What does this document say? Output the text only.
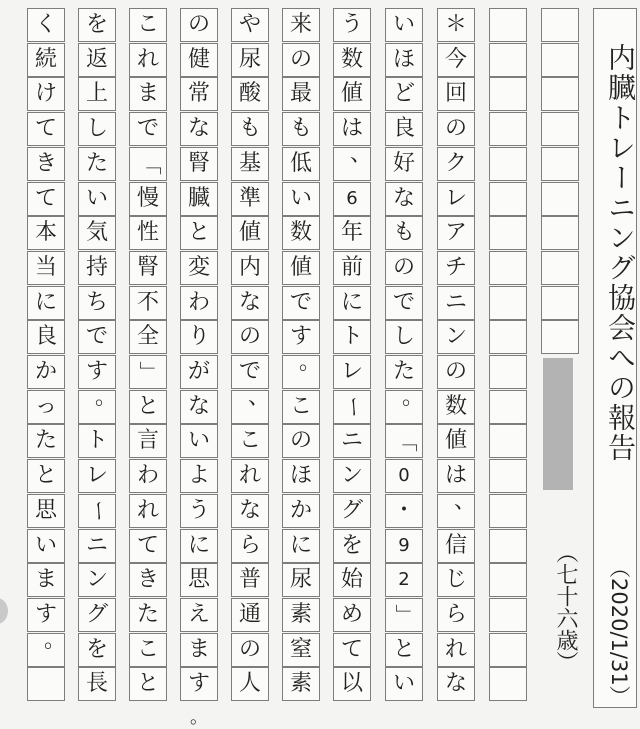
＊
今
回
の
ク
レ
ア
チ
ニ
ン
の
数
値
は
、
信
じ
ら
れ
な
い
ほ
ど
良
好
な
も
の
で
し
た
。
「
0
・
9
2
」
と
い
う
数
値
は
、
6
年
前
に
ト
レ
ー
ニ
ン
グ
を
始
め
て
以
来
の
最
も
低
い
数
値
で
す
。
こ
の
ほ
か
に
尿
素
窒
素
や
尿
酸
も
基
準
値
内
な
の
で
、
こ
れ
な
ら
普
通
の
人
の
健
常
な
腎
臓
と
変
わ
り
が
な
い
よ
う
に
思
え
ま
す
こ
れ
ま
で
「
慢
性
腎
不
全
」
と
言
わ
れ
て
き
た
こ
と
を
返
上
し
た
い
気
持
ち
で
す
。
ト
レ
ー
ニ
ン
グ
を
長
く
続
け
て
き
て
本
当
に
良
か
っ
た
と
思
い
ま
す
。
内臓トレーニング協会への報告
（2020/1/31）
（七十六歳）
。
